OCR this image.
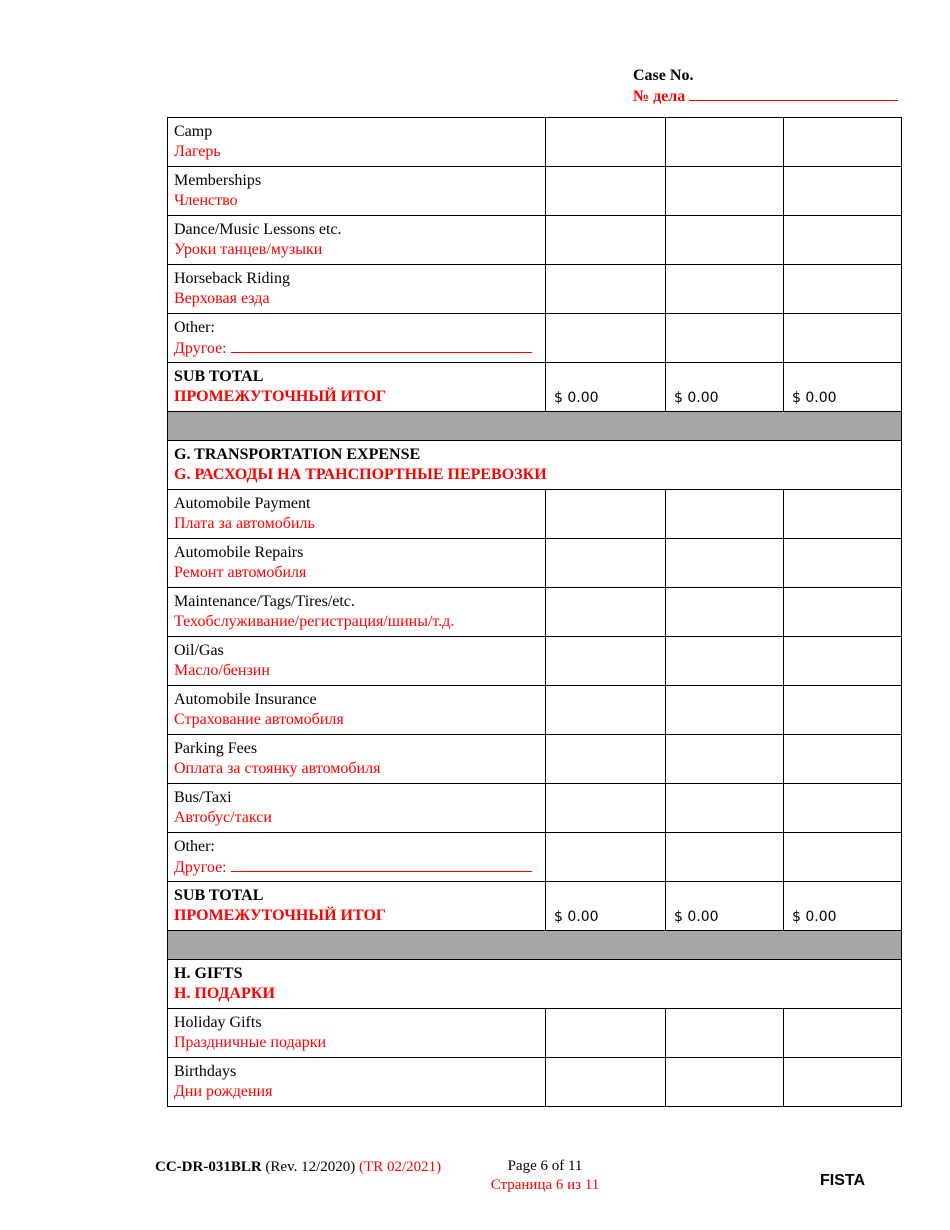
Case No.
№ дела
Camp
Лагерь			

Memberships
Членство			

Dance/Music Lessons etc.
Уроки танцев/музыки			

Horseback Riding
Верховая езда			

Other:
Другое:			

SUB TOTAL
ПРОМЕЖУТОЧНЫЙ ИТОГ	$ 0.00	$ 0.00	$ 0.00

G. TRANSPORTATION EXPENSE
G. РАСХОДЫ НА ТРАНСПОРТНЫЕ ПЕРЕВОЗКИ			

Automobile Payment
Плата за автомобиль			

Automobile Repairs
Ремонт автомобиля			

Maintenance/Tags/Tires/etc.
Техобслуживание/регистрация/шины/т.д.			

Oil/Gas
Масло/бензин			

Automobile Insurance
Страхование автомобиля			

Parking Fees
Оплата за стоянку автомобиля			

Bus/Taxi
Автобус/такси			

Other:
Другое:			

SUB TOTAL
ПРОМЕЖУТОЧНЫЙ ИТОГ	$ 0.00	$ 0.00	$ 0.00

H. GIFTS
H. ПОДАРКИ			

Holiday Gifts
Праздничные подарки			

Birthdays
Дни рождения			

CC-DR-031BLR (Rev. 12/2020) (TR 02/2021)	Page 6 of 11
Страница 6 из 11	FISTA
